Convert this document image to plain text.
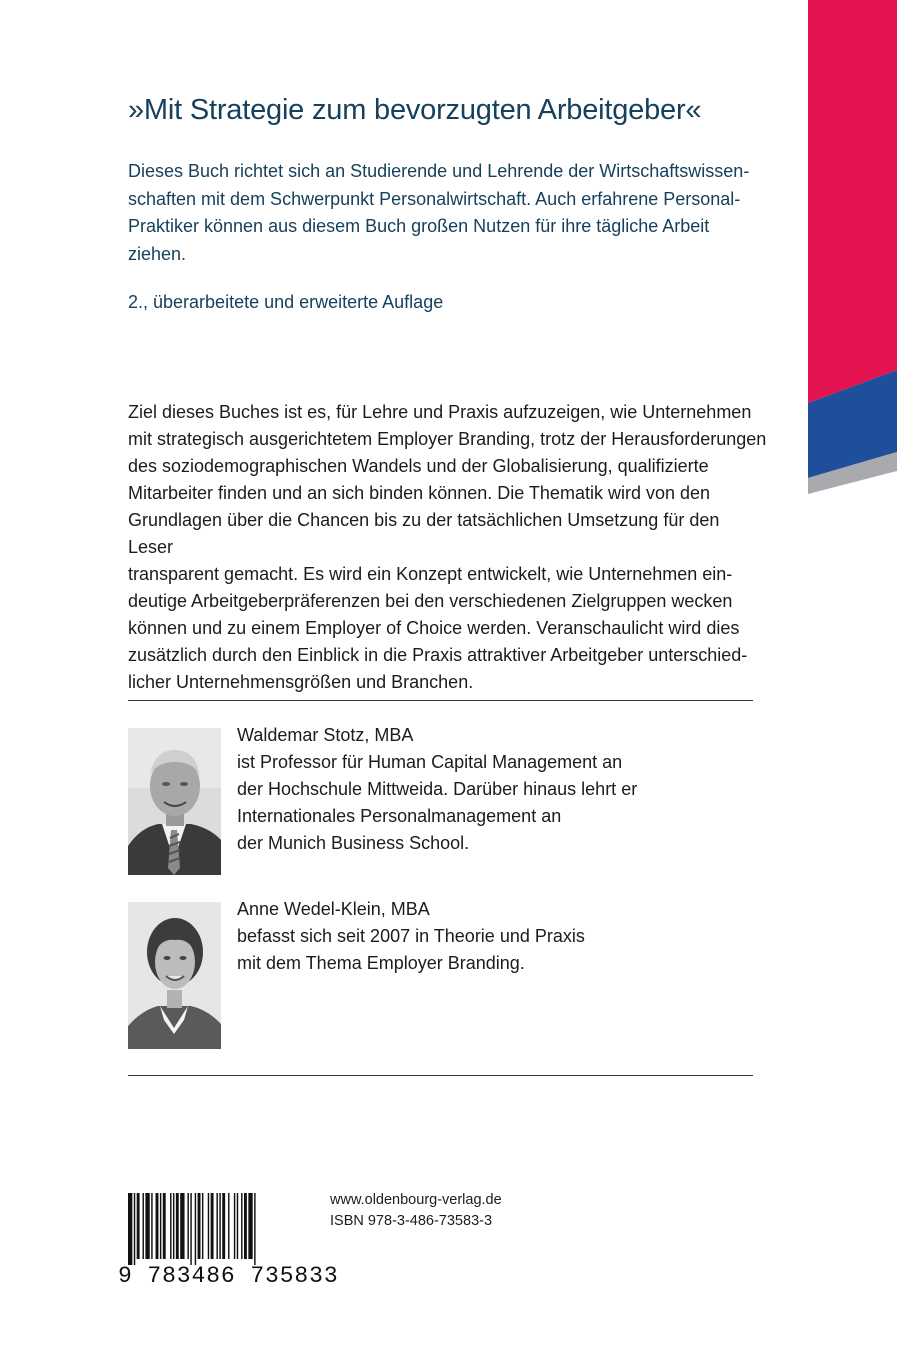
»Mit Strategie zum bevorzugten Arbeitgeber«

Dieses Buch richtet sich an Studierende und Lehrende der Wirtschaftswissen-
schaften mit dem Schwerpunkt Personalwirtschaft. Auch erfahrene Personal-
Praktiker können aus diesem Buch großen Nutzen für ihre tägliche Arbeit
ziehen.

2., überarbeitete und erweiterte Auflage

Ziel dieses Buches ist es, für Lehre und Praxis aufzuzeigen, wie Unternehmen
mit strategisch ausgerichtetem Employer Branding, trotz der Herausforderungen
des soziodemographischen Wandels und der Globalisierung, qualifizierte
Mitarbeiter finden und an sich binden können. Die Thematik wird von den
Grundlagen über die Chancen bis zu der tatsächlichen Umsetzung für den Leser
transparent gemacht. Es wird ein Konzept entwickelt, wie Unternehmen ein-
deutige Arbeitgeberpräferenzen bei den verschiedenen Zielgruppen wecken
können und zu einem Employer of Choice werden. Veranschaulicht wird dies
zusätzlich durch den Einblick in die Praxis attraktiver Arbeitgeber unterschied-
licher Unternehmensgrößen und Branchen.

Waldemar Stotz, MBA
ist Professor für Human Capital Management an
der Hochschule Mittweida. Darüber hinaus lehrt er
Internationales Personalmanagement an
der Munich Business School.
Anne Wedel-Klein, MBA
befasst sich seit 2007 in Theorie und Praxis
mit dem Thema Employer Branding.
9 783486 735833
www.oldenbourg-verlag.de
ISBN 978-3-486-73583-3
